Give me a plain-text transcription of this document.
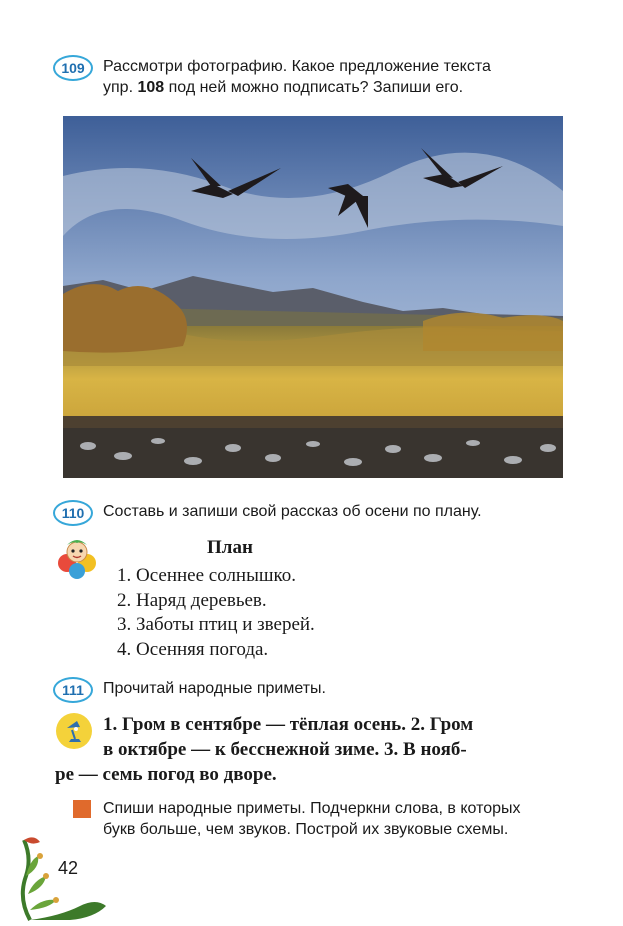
109	Рассмотри фотографию. Какое предложение текста
упр. 108 под ней можно подписать? Запиши его.
110	Составь и запиши свой рассказ об осени по плану.
План
1. Осеннее солнышко.
2. Наряд деревьев.
3. Заботы птиц и зверей.
4. Осенняя погода.
111	Прочитай народные приметы.
1. Гром в сентябре — тёплая осень. 2. Гром
в октябре — к бесснежной зиме. 3. В нояб-
ре — семь погод во дворе.
Спиши народные приметы. Подчеркни слова, в которых
букв больше, чем звуков. Построй их звуковые схемы.
42
